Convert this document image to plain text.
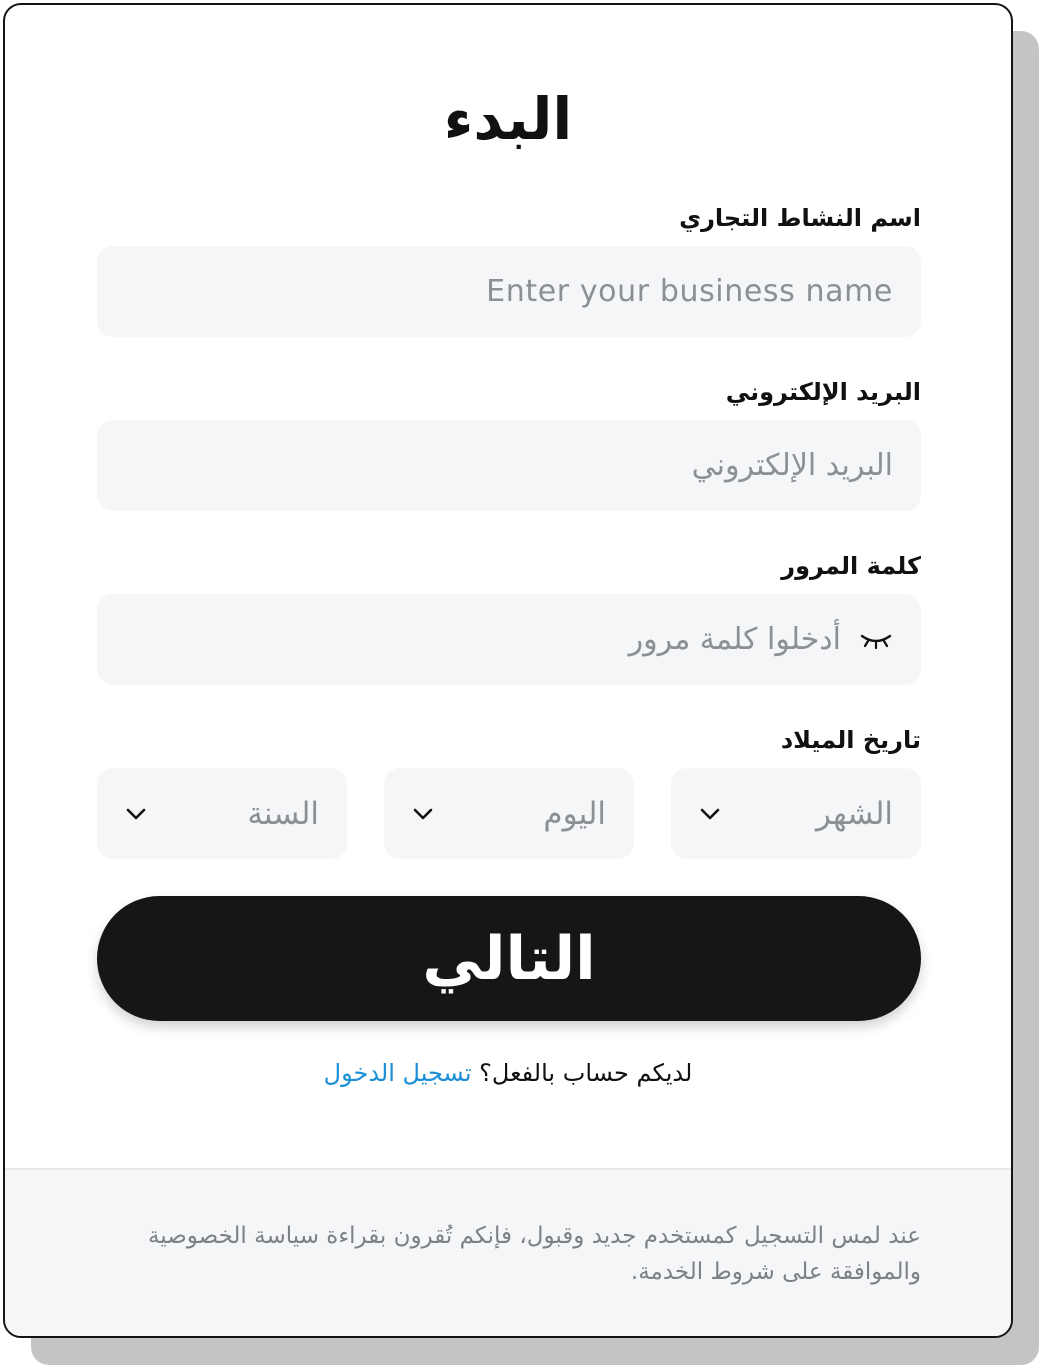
البدء
اسم النشاط التجاري
Enter your business name
البريد الإلكتروني
البريد الإلكتروني
كلمة المرور
أدخلوا كلمة مرور
تاريخ الميلاد
الشهر
اليوم
السنة
التالي
لديكم حساب بالفعل؟ تسجيل الدخول

عند لمس التسجيل كمستخدم جديد وقبول، فإنكم تُقرون بقراءة سياسة الخصوصية والموافقة على شروط الخدمة.
